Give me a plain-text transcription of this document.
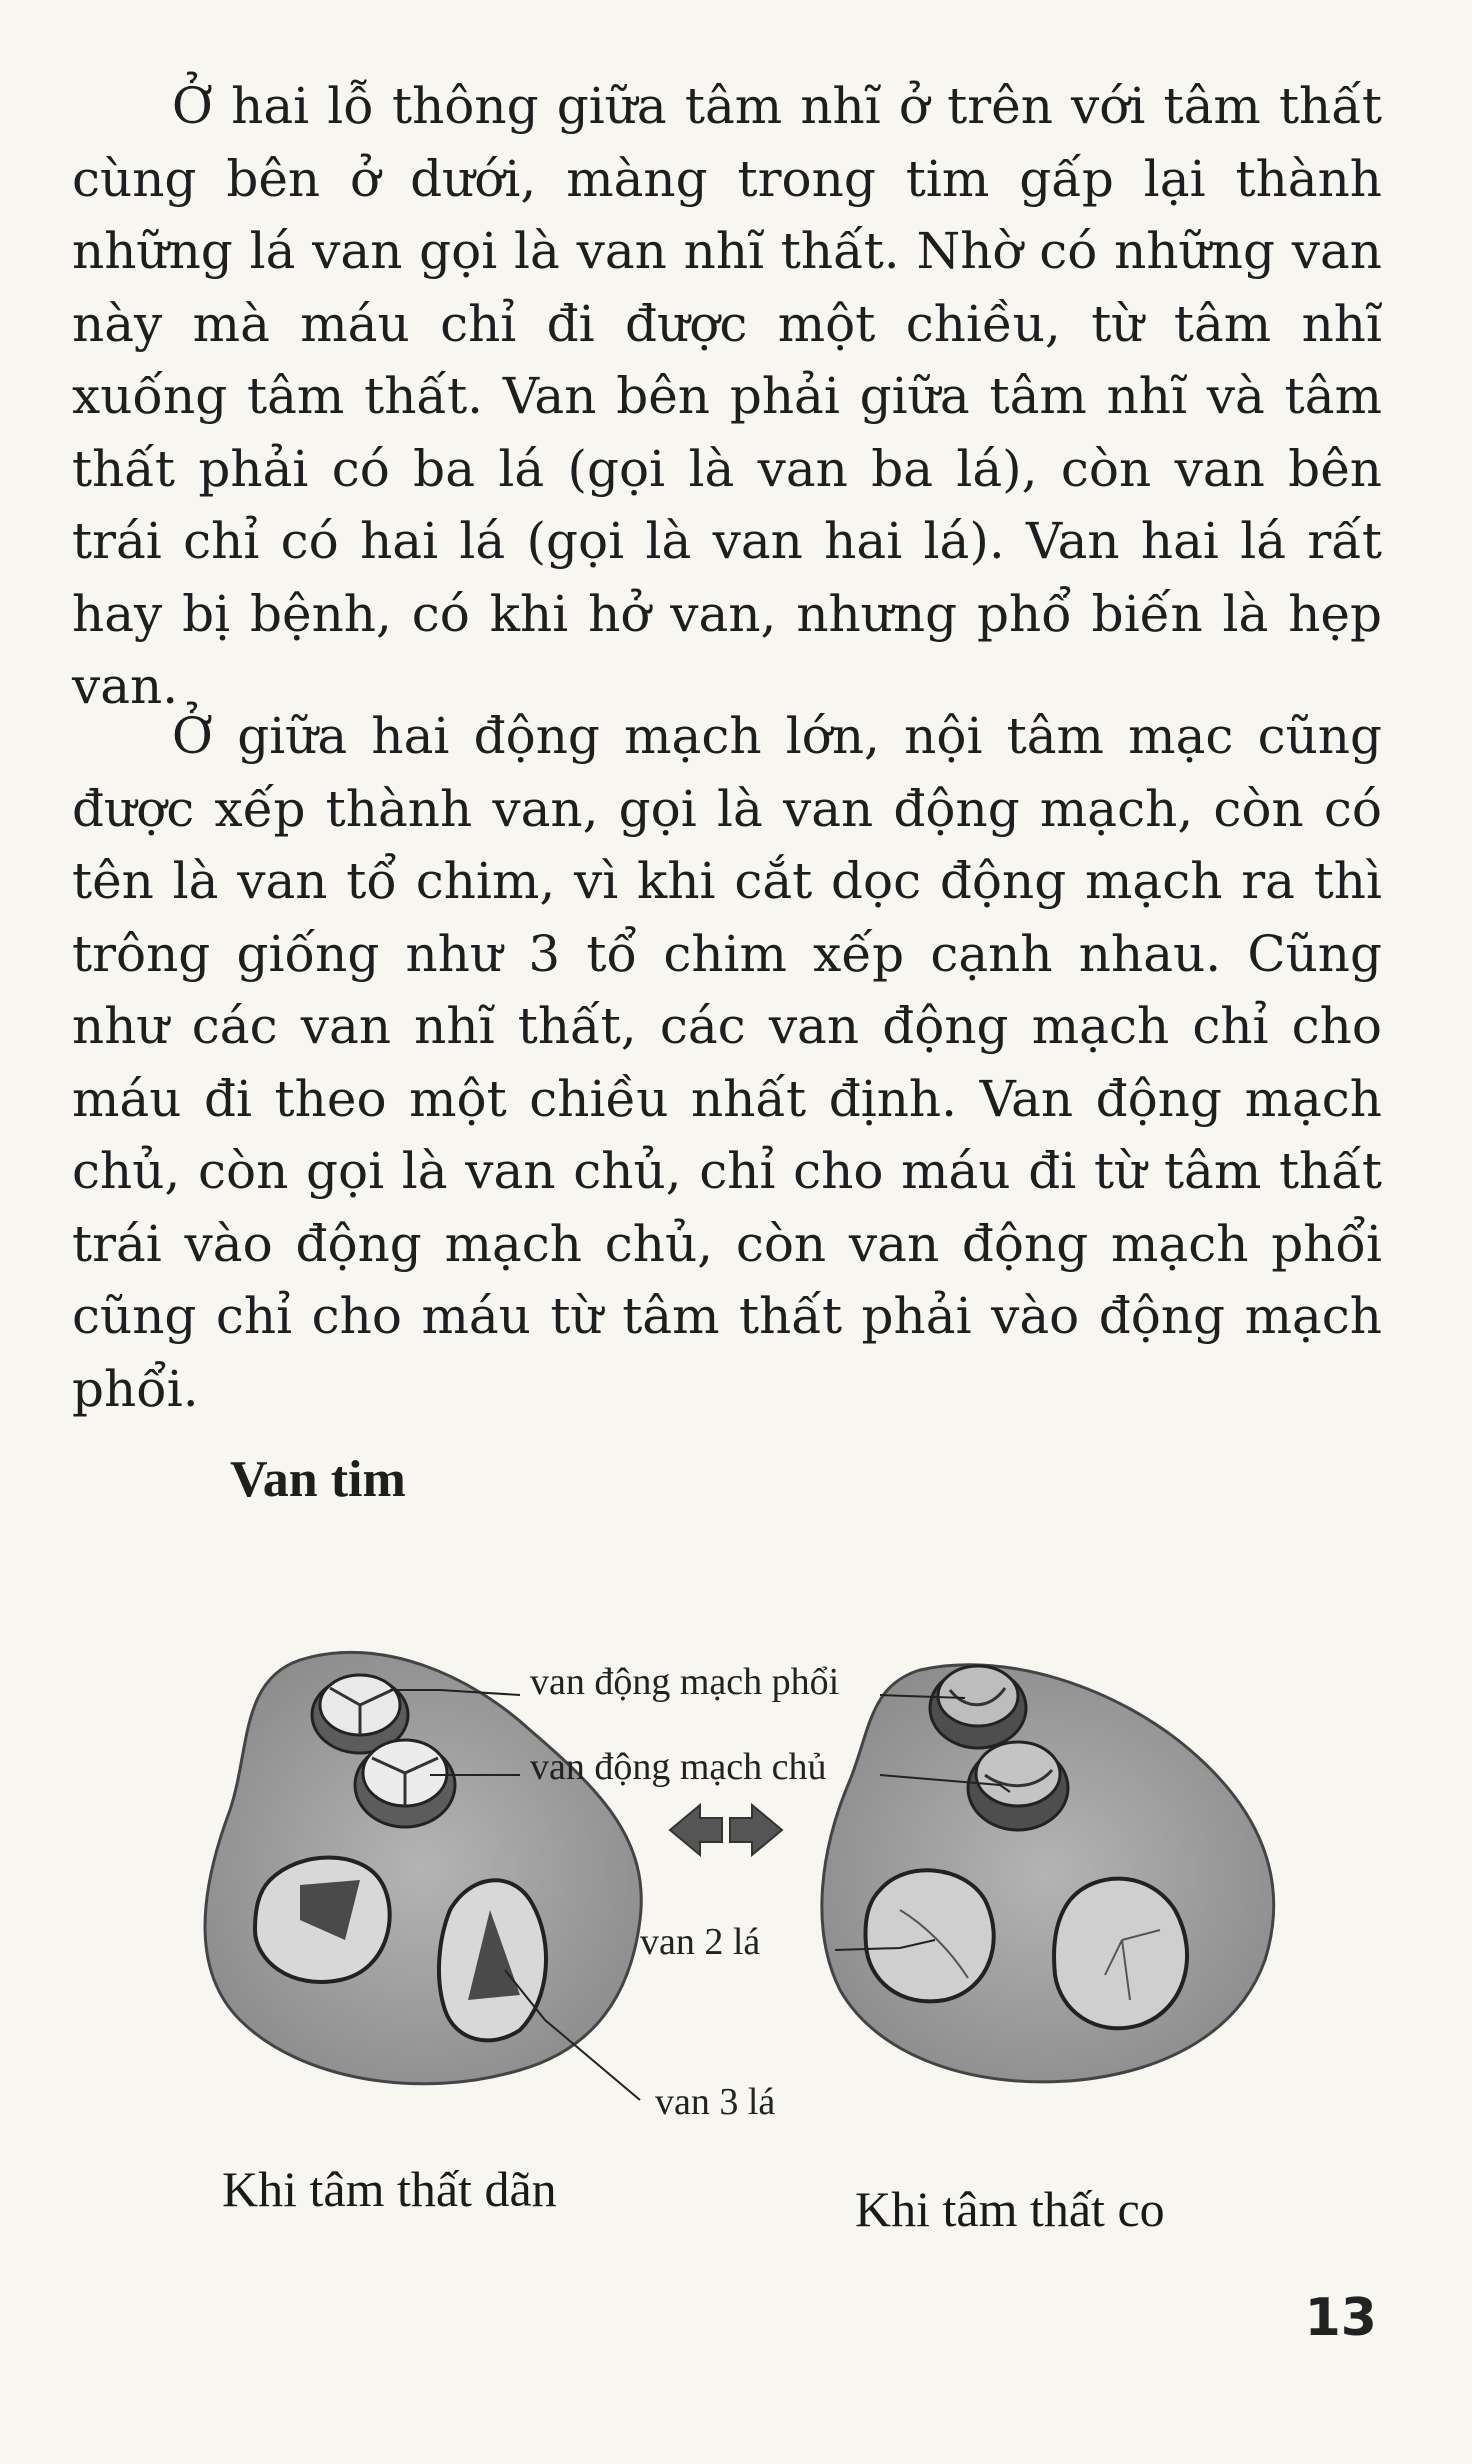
Ở hai lỗ thông giữa tâm nhĩ ở trên với tâm thất cùng bên ở dưới, màng trong tim gấp lại thành những lá van gọi là van nhĩ thất. Nhờ có những van này mà máu chỉ đi được một chiều, từ tâm nhĩ xuống tâm thất. Van bên phải giữa tâm nhĩ và tâm thất phải có ba lá (gọi là van ba lá), còn van bên trái chỉ có hai lá (gọi là van hai lá). Van hai lá rất hay bị bệnh, có khi hở van, nhưng phổ biến là hẹp van.

Ở giữa hai động mạch lớn, nội tâm mạc cũng được xếp thành van, gọi là van động mạch, còn có tên là van tổ chim, vì khi cắt dọc động mạch ra thì trông giống như 3 tổ chim xếp cạnh nhau. Cũng như các van nhĩ thất, các van động mạch chỉ cho máu đi theo một chiều nhất định. Van động mạch chủ, còn gọi là van chủ, chỉ cho máu đi từ tâm thất trái vào động mạch chủ, còn van động mạch phổi cũng chỉ cho máu từ tâm thất phải vào động mạch phổi.

Van tim
van động mạch phổi
van động mạch chủ
van 2 lá
van 3 lá
Khi tâm thất dãn	Khi tâm thất co
13
